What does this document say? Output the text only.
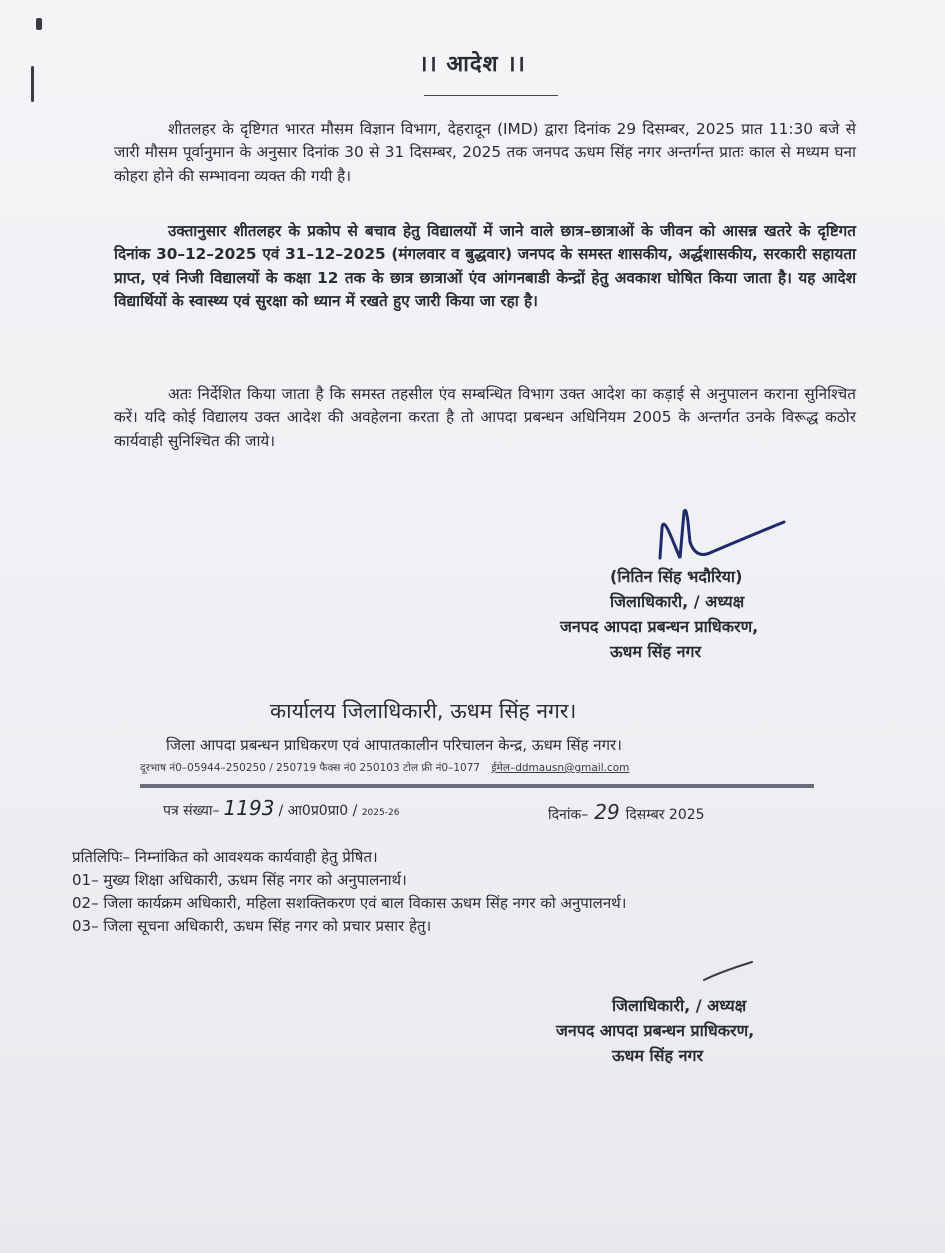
।। आदेश ।।
शीतलहर के दृष्टिगत भारत मौसम विज्ञान विभाग, देहरादून (IMD) द्वारा दिनांक 29 दिसम्बर, 2025 प्रात 11:30 बजे से जारी मौसम पूर्वानुमान के अनुसार दिनांक 30 से 31 दिसम्बर, 2025 तक जनपद ऊधम सिंह नगर अन्तर्गन्त प्रातः काल से मध्यम घना कोहरा होने की सम्भावना व्यक्त की गयी है।
उक्तानुसार शीतलहर के प्रकोप से बचाव हेतु विद्यालयों में जाने वाले छात्र–छात्राओं के जीवन को आसन्न खतरे के दृष्टिगत दिनांक 30–12–2025 एवं 31–12–2025 (मंगलवार व बुद्धवार) जनपद के समस्त शासकीय, अर्द्धशासकीय, सरकारी सहायता प्राप्त, एवं निजी विद्यालयों के कक्षा 12 तक के छात्र छात्राओं एंव आंगनबाडी केन्द्रों हेतु अवकाश घोषित किया जाता है। यह आदेश विद्यार्थियों के स्वास्थ्य एवं सुरक्षा को ध्यान में रखते हुए जारी किया जा रहा है।
अतः निर्देशित किया जाता है कि समस्त तहसील एंव सम्बन्धित विभाग उक्त आदेश का कड़ाई से अनुपालन कराना सुनिश्चित करें। यदि कोई विद्यालय उक्त आदेश की अवहेलना करता है तो आपदा प्रबन्धन अधिनियम 2005 के अन्तर्गत उनके विरूद्ध कठोर कार्यवाही सुनिश्चित की जाये।
(नितिन सिंह भदौरिया)
जिलाधिकारी, / अध्यक्ष
जनपद आपदा प्रबन्धन प्राधिकरण,
ऊधम सिंह नगर
कार्यालय जिलाधिकारी, ऊधम सिंह नगर।
जिला आपदा प्रबन्धन प्राधिकरण एवं आपातकालीन परिचालन केन्द्र, ऊधम सिंह नगर।
दूरभाष नं0–05944–250250 / 250719 फैक्स नं0 250103 टोल फ्री नं0–1077 ईमेल–ddmausn@gmail.com
पत्र संख्या– 1193 / आ0प्र0प्रा0 / 2025-26	दिनांक– 29 दिसम्बर 2025
प्रतिलिपिः– निम्नांकित को आवश्यक कार्यवाही हेतु प्रेषित।
01– मुख्य शिक्षा अधिकारी, ऊधम सिंह नगर को अनुपालनार्थ।
02– जिला कार्यक्रम अधिकारी, महिला सशक्तिकरण एवं बाल विकास ऊधम सिंह नगर को अनुपालनर्थ।
03– जिला सूचना अधिकारी, ऊधम सिंह नगर को प्रचार प्रसार हेतु।
जिलाधिकारी, / अध्यक्ष
जनपद आपदा प्रबन्धन प्राधिकरण,
ऊधम सिंह नगर
